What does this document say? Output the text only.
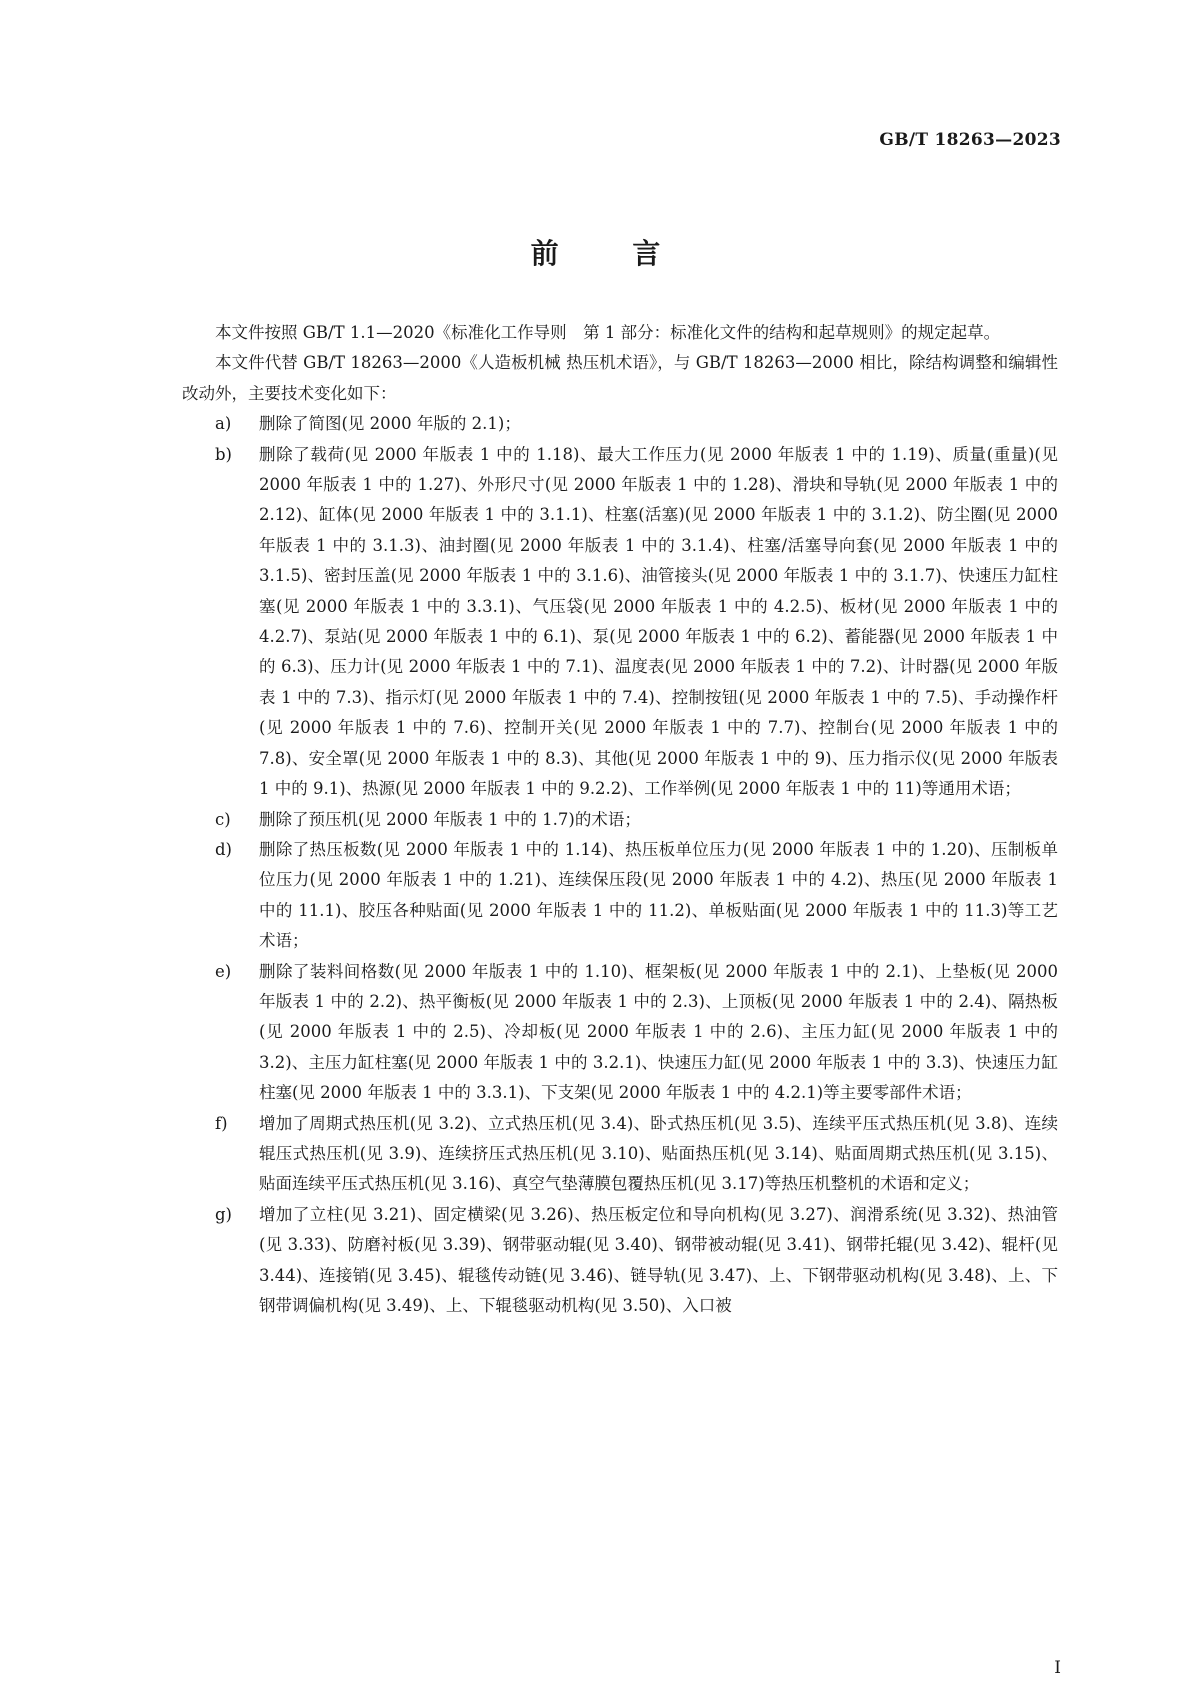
GB/T 18263—2023

前 言

本文件按照 GB/T 1.1—2020《标准化工作导则　第 1 部分：标准化文件的结构和起草规则》的规定起草。

本文件代替 GB/T 18263—2000《人造板机械 热压机术语》，与 GB/T 18263—2000 相比，除结构调整和编辑性改动外，主要技术变化如下：

a)	删除了简图(见 2000 年版的 2.1)；
b)	删除了载荷(见 2000 年版表 1 中的 1.18)、最大工作压力(见 2000 年版表 1 中的 1.19)、质量(重量)(见 2000 年版表 1 中的 1.27)、外形尺寸(见 2000 年版表 1 中的 1.28)、滑块和导轨(见 2000 年版表 1 中的 2.12)、缸体(见 2000 年版表 1 中的 3.1.1)、柱塞(活塞)(见 2000 年版表 1 中的 3.1.2)、防尘圈(见 2000 年版表 1 中的 3.1.3)、油封圈(见 2000 年版表 1 中的 3.1.4)、柱塞/活塞导向套(见 2000 年版表 1 中的 3.1.5)、密封压盖(见 2000 年版表 1 中的 3.1.6)、油管接头(见 2000 年版表 1 中的 3.1.7)、快速压力缸柱塞(见 2000 年版表 1 中的 3.3.1)、气压袋(见 2000 年版表 1 中的 4.2.5)、板材(见 2000 年版表 1 中的 4.2.7)、泵站(见 2000 年版表 1 中的 6.1)、泵(见 2000 年版表 1 中的 6.2)、蓄能器(见 2000 年版表 1 中的 6.3)、压力计(见 2000 年版表 1 中的 7.1)、温度表(见 2000 年版表 1 中的 7.2)、计时器(见 2000 年版表 1 中的 7.3)、指示灯(见 2000 年版表 1 中的 7.4)、控制按钮(见 2000 年版表 1 中的 7.5)、手动操作杆(见 2000 年版表 1 中的 7.6)、控制开关(见 2000 年版表 1 中的 7.7)、控制台(见 2000 年版表 1 中的 7.8)、安全罩(见 2000 年版表 1 中的 8.3)、其他(见 2000 年版表 1 中的 9)、压力指示仪(见 2000 年版表 1 中的 9.1)、热源(见 2000 年版表 1 中的 9.2.2)、工作举例(见 2000 年版表 1 中的 11)等通用术语；
c)	删除了预压机(见 2000 年版表 1 中的 1.7)的术语；
d)	删除了热压板数(见 2000 年版表 1 中的 1.14)、热压板单位压力(见 2000 年版表 1 中的 1.20)、压制板单位压力(见 2000 年版表 1 中的 1.21)、连续保压段(见 2000 年版表 1 中的 4.2)、热压(见 2000 年版表 1 中的 11.1)、胶压各种贴面(见 2000 年版表 1 中的 11.2)、单板贴面(见 2000 年版表 1 中的 11.3)等工艺术语；
e)	删除了装料间格数(见 2000 年版表 1 中的 1.10)、框架板(见 2000 年版表 1 中的 2.1)、上垫板(见 2000 年版表 1 中的 2.2)、热平衡板(见 2000 年版表 1 中的 2.3)、上顶板(见 2000 年版表 1 中的 2.4)、隔热板(见 2000 年版表 1 中的 2.5)、冷却板(见 2000 年版表 1 中的 2.6)、主压力缸(见 2000 年版表 1 中的 3.2)、主压力缸柱塞(见 2000 年版表 1 中的 3.2.1)、快速压力缸(见 2000 年版表 1 中的 3.3)、快速压力缸柱塞(见 2000 年版表 1 中的 3.3.1)、下支架(见 2000 年版表 1 中的 4.2.1)等主要零部件术语；
f)	增加了周期式热压机(见 3.2)、立式热压机(见 3.4)、卧式热压机(见 3.5)、连续平压式热压机(见 3.8)、连续辊压式热压机(见 3.9)、连续挤压式热压机(见 3.10)、贴面热压机(见 3.14)、贴面周期式热压机(见 3.15)、贴面连续平压式热压机(见 3.16)、真空气垫薄膜包覆热压机(见 3.17)等热压机整机的术语和定义；
g)	增加了立柱(见 3.21)、固定横梁(见 3.26)、热压板定位和导向机构(见 3.27)、润滑系统(见 3.32)、热油管(见 3.33)、防磨衬板(见 3.39)、钢带驱动辊(见 3.40)、钢带被动辊(见 3.41)、钢带托辊(见 3.42)、辊杆(见 3.44)、连接销(见 3.45)、辊毯传动链(见 3.46)、链导轨(见 3.47)、上、下钢带驱动机构(见 3.48)、上、下钢带调偏机构(见 3.49)、上、下辊毯驱动机构(见 3.50)、入口被

I
